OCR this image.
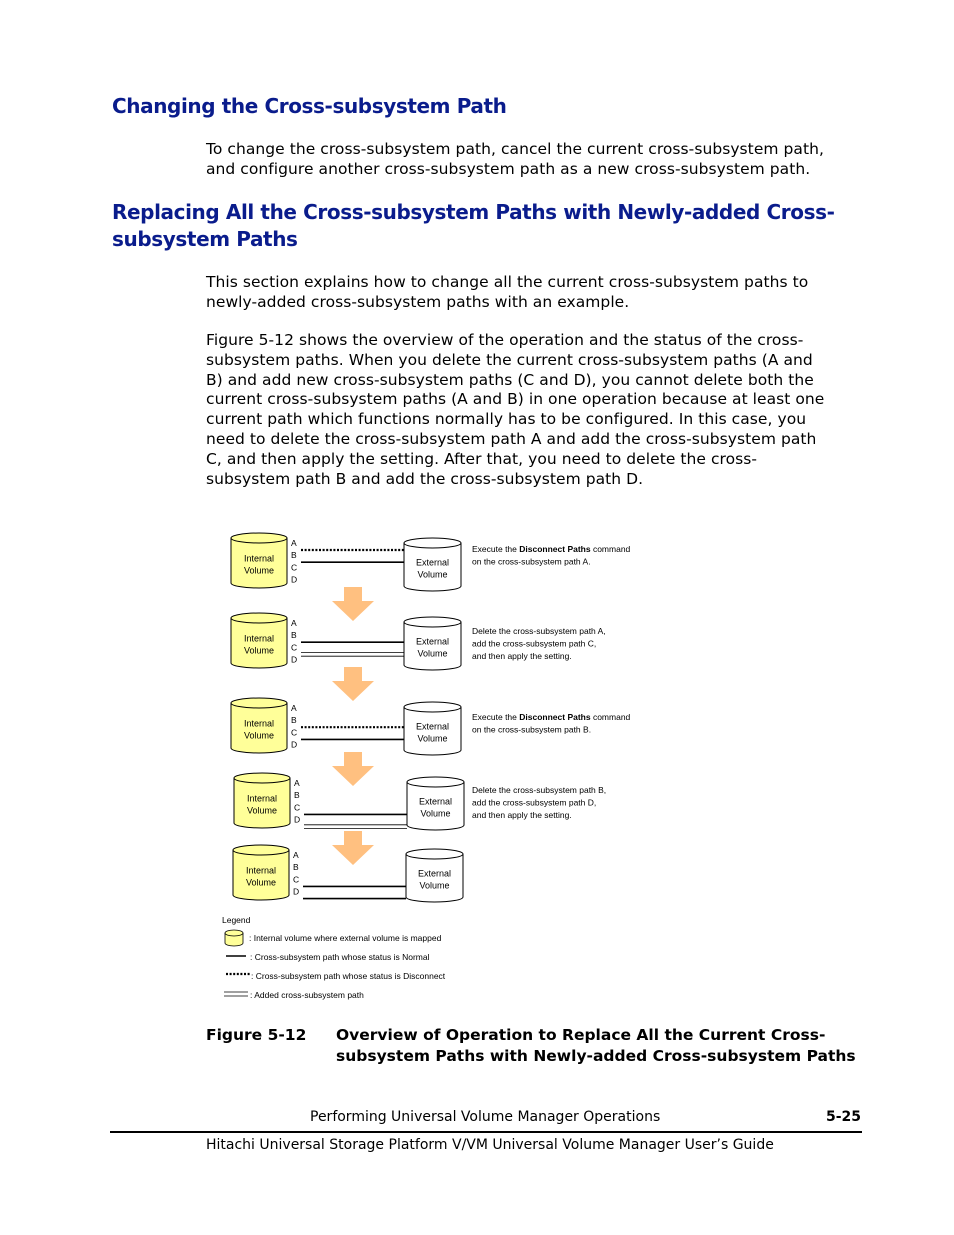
Changing the Cross-subsystem Path
To change the cross-subsystem path, cancel the current cross-subsystem path,
and configure another cross-subsystem path as a new cross-subsystem path.
Replacing All the Cross-subsystem Paths with Newly-added Cross-
subsystem Paths
This section explains how to change all the current cross-subsystem paths to
newly-added cross-subsystem paths with an example.
Figure 5-12 shows the overview of the operation and the status of the cross-
subsystem paths. When you delete the current cross-subsystem paths (A and
B) and add new cross-subsystem paths (C and D), you cannot delete both the
current cross-subsystem paths (A and B) in one operation because at least one
current path which functions normally has to be configured. In this case, you
need to delete the cross-subsystem path A and add the cross-subsystem path
C, and then apply the setting. After that, you need to delete the cross-
subsystem path B and add the cross-subsystem path D.
Internal
Volume
External
Volume
A
B
C
D
Execute the Disconnect Paths command
on the cross-subsystem path A.
Internal
Volume
External
Volume
A
B
C
D
Delete the cross-subsystem path A,
add the cross-subsystem path C,
and then apply the setting.
Internal
Volume
External
Volume
A
B
C
D
Execute the Disconnect Paths command
on the cross-subsystem path B.
Internal
Volume
External
Volume
A
B
C
D
Delete the cross-subsystem path B,
add the cross-subsystem path D,
and then apply the setting.
Internal
Volume
External
Volume
A
B
C
D
Legend
: Internal volume where external volume is mapped
: Cross-subsystem path whose status is Normal
: Cross-subsystem path whose status is Disconnect
: Added cross-subsystem path
Figure 5-12 Overview of Operation to Replace All the Current Cross-
subsystem Paths with Newly-added Cross-subsystem Paths
Performing Universal Volume Manager Operations	5-25
Hitachi Universal Storage Platform V/VM Universal Volume Manager User’s Guide
